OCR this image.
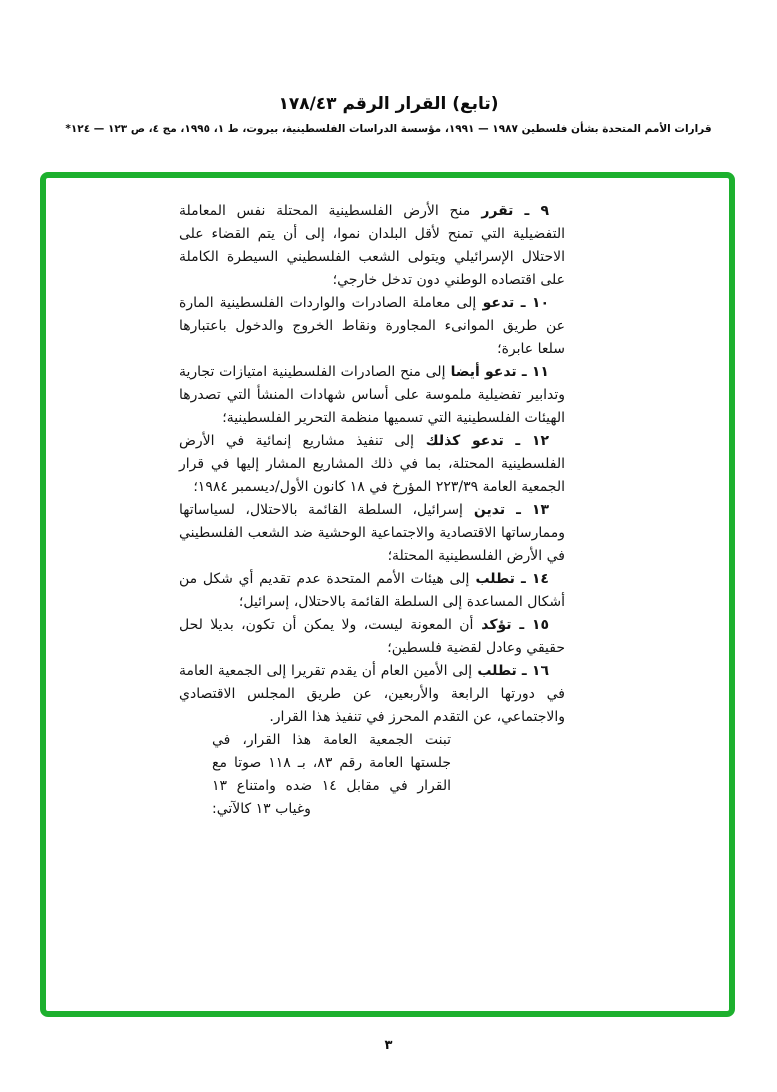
(تابع) القرار الرقم ١٧٨/٤٣
قرارات الأمم المتحدة بشأن فلسطين ١٩٨٧ — ١٩٩١، مؤسسة الدراسات الفلسطينية، بيروت، ط ١، ١٩٩٥، مج ٤، ص ١٢٣ — ١٢٤*

٩ ـ تقرر منح الأرض الفلسطينية المحتلة نفس المعاملة التفضيلية التي تمنح لأقل البلدان نموا، إلى أن يتم القضاء على الاحتلال الإسرائيلي ويتولى الشعب الفلسطيني السيطرة الكاملة على اقتصاده الوطني دون تدخل خارجي؛

١٠ ـ تدعو إلى معاملة الصادرات والواردات الفلسطينية المارة عن طريق الموانىء المجاورة ونقاط الخروج والدخول باعتبارها سلعا عابرة؛

١١ ـ تدعو أيضا إلى منح الصادرات الفلسطينية امتيازات تجارية وتدابير تفضيلية ملموسة على أساس شهادات المنشأ التي تصدرها الهيئات الفلسطينية التي تسميها منظمة التحرير الفلسطينية؛

١٢ ـ تدعو كذلك إلى تنفيذ مشاريع إنمائية في الأرض الفلسطينية المحتلة، بما في ذلك المشاريع المشار إليها في قرار الجمعية العامة ٢٢٣/٣٩ المؤرخ في ١٨ كانون الأول/ديسمبر ١٩٨٤؛

١٣ ـ تدين إسرائيل، السلطة القائمة بالاحتلال، لسياساتها وممارساتها الاقتصادية والاجتماعية الوحشية ضد الشعب الفلسطيني في الأرض الفلسطينية المحتلة؛

١٤ ـ تطلب إلى هيئات الأمم المتحدة عدم تقديم أي شكل من أشكال المساعدة إلى السلطة القائمة بالاحتلال، إسرائيل؛

١٥ ـ تؤكد أن المعونة ليست، ولا يمكن أن تكون، بديلا لحل حقيقي وعادل لقضية فلسطين؛

١٦ ـ تطلب إلى الأمين العام أن يقدم تقريرا إلى الجمعية العامة في دورتها الرابعة والأربعين، عن طريق المجلس الاقتصادي والاجتماعي، عن التقدم المحرز في تنفيذ هذا القرار.

تبنت الجمعية العامة هذا القرار، في جلستها العامة رقم ٨٣، بـ ١١٨ صوتا مع القرار في مقابل ١٤ ضده وامتناع ١٣ وغياب ١٣ كالآتي:

٣
